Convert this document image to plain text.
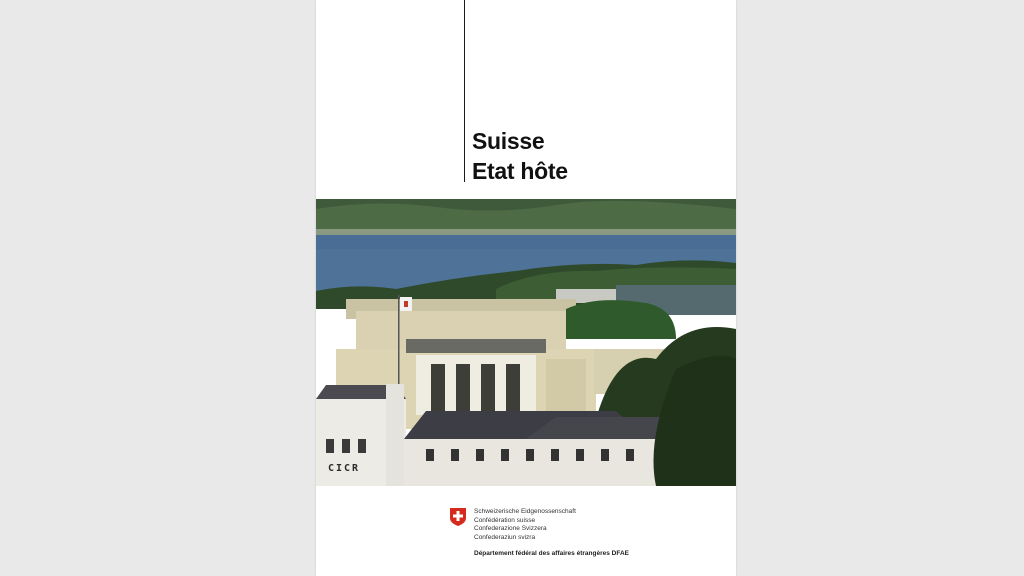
Suisse
Etat hôte
CICR
Schweizerische Eidgenossenschaft
Confédération suisse
Confederazione Svizzera
Confederaziun svizra
Département fédéral des affaires étrangères DFAE
